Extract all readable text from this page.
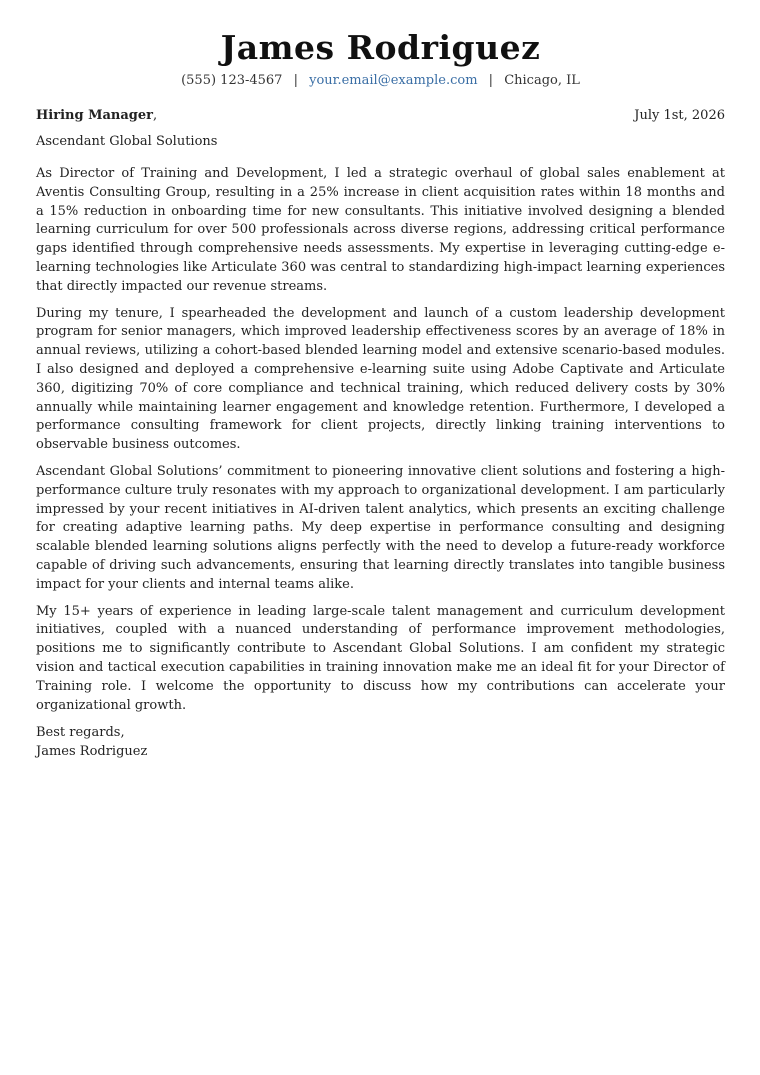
James Rodriguez
(555) 123-4567 | your.email@example.com | Chicago, IL
Hiring Manager,	July 1st, 2026
Ascendant Global Solutions

As Director of Training and Development, I led a strategic overhaul of global sales enablement at Aventis Consulting Group, resulting in a 25% increase in client acquisition rates within 18 months and a 15% reduction in onboarding time for new consultants. This initiative involved designing a blended learning curriculum for over 500 professionals across diverse regions, addressing critical performance gaps identified through comprehensive needs assessments. My expertise in leveraging cutting-edge e-learning technologies like Articulate 360 was central to standardizing high-impact learning experiences that directly impacted our revenue streams.

During my tenure, I spearheaded the development and launch of a custom leadership development program for senior managers, which improved leadership effectiveness scores by an average of 18% in annual reviews, utilizing a cohort-based blended learning model and extensive scenario-based modules. I also designed and deployed a comprehensive e-learning suite using Adobe Captivate and Articulate 360, digitizing 70% of core compliance and technical training, which reduced delivery costs by 30% annually while maintaining learner engagement and knowledge retention. Furthermore, I developed a performance consulting framework for client projects, directly linking training interventions to observable business outcomes.

Ascendant Global Solutions’ commitment to pioneering innovative client solutions and fostering a high-performance culture truly resonates with my approach to organizational development. I am particularly impressed by your recent initiatives in AI-driven talent analytics, which presents an exciting challenge for creating adaptive learning paths. My deep expertise in performance consulting and designing scalable blended learning solutions aligns perfectly with the need to develop a future-ready workforce capable of driving such advancements, ensuring that learning directly translates into tangible business impact for your clients and internal teams alike.

My 15+ years of experience in leading large-scale talent management and curriculum development initiatives, coupled with a nuanced understanding of performance improvement methodologies, positions me to significantly contribute to Ascendant Global Solutions. I am confident my strategic vision and tactical execution capabilities in training innovation make me an ideal fit for your Director of Training role. I welcome the opportunity to discuss how my contributions can accelerate your organizational growth.

Best regards,
James Rodriguez
